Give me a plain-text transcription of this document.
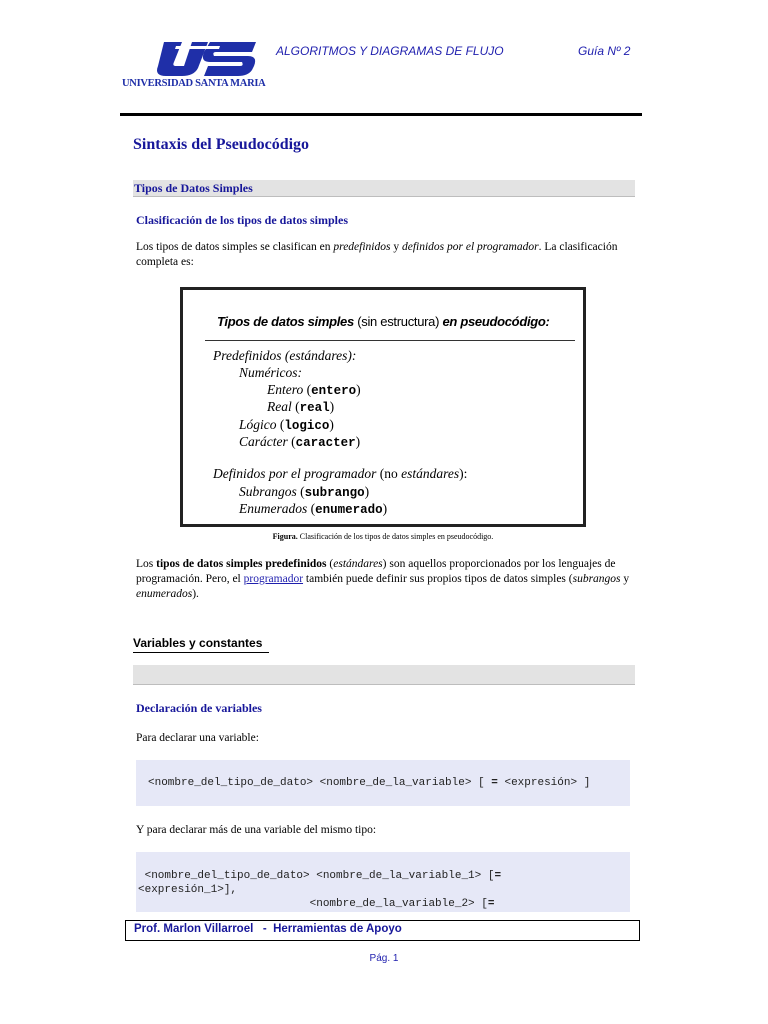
UNIVERSIDAD SANTA MARIA
ALGORITMOS Y DIAGRAMAS DE FLUJO	Guía Nº 2
Sintaxis del Pseudocódigo
Tipos de Datos Simples
Clasificación de los tipos de datos simples
Los tipos de datos simples se clasifican en predefinidos y definidos por el programador. La clasificación completa es:
Tipos de datos simples (sin estructura) en pseudocódigo:
Predefinidos (estándares):
Numéricos:
Entero (entero)
Real (real)
Lógico (logico)
Carácter (caracter)
Definidos por el programador (no estándares):
Subrangos (subrango)
Enumerados (enumerado)
Figura. Clasificación de los tipos de datos simples en pseudocódigo.
Los tipos de datos simples predefinidos (estándares) son aquellos proporcionados por los lenguajes de programación. Pero, el programador también puede definir sus propios tipos de datos simples (subrangos y enumerados).
Variables y constantes
Declaración de variables
Para declarar una variable:

<nombre_del_tipo_de_dato> <nombre_de_la_variable> [ = <expresión> ]

Y para declarar más de una variable del mismo tipo:

<nombre_del_tipo_de_dato> <nombre_de_la_variable_1> [=

<expresión_1>],

<nombre_de_la_variable_2> [=

Prof. Marlon Villarroel   -  Herramientas de Apoyo
Pág. 1
